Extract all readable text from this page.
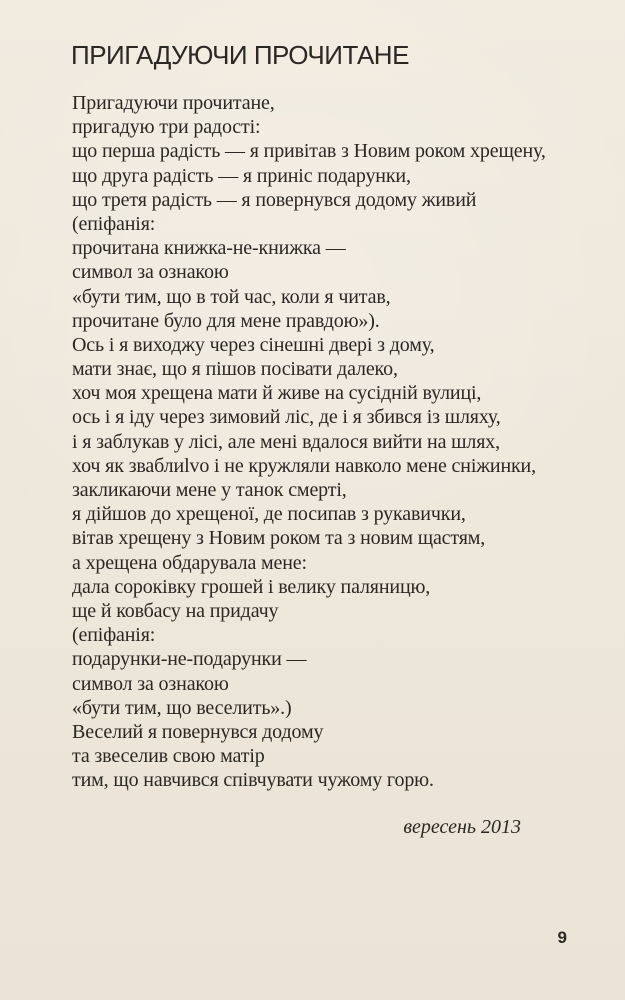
ПРИГАДУЮЧИ ПРОЧИТАНЕ
Пригадуючи прочитане,
пригадую три радості:
що перша радість — я привітав з Новим роком хрещену,
що друга радість — я приніс подарунки,
що третя радість — я повернувся додому живий
(епіфанія:
прочитана книжка-не-книжка —
символ за ознакою
«бути тим, що в той час, коли я читав,
прочитане було для мене правдою»).
Ось і я виходжу через сінешні двері з дому,
мати знає, що я пішов посівати далеко,
хоч моя хрещена мати й живе на сусідній вулиці,
ось і я іду через зимовий ліс, де і я збився із шляху,
і я заблукав у лісі, але мені вдалося вийти на шлях,
хоч як зваблиlvo і не кружляли навколо мене сніжинки,
закликаючи мене у танок смерті,
я дійшов до хрещеної, де посипав з рукавички,
вітав хрещену з Новим роком та з новим щастям,
а хрещена обдарувала мене:
дала сороківку грошей і велику паляницю,
ще й ковбасу на придачу
(епіфанія:
подарунки-не-подарунки —
символ за ознакою
«бути тим, що веселить».)
Веселий я повернувся додому
та звеселив свою матір
тим, що навчився співчувати чужому горю.
вересень 2013
9
